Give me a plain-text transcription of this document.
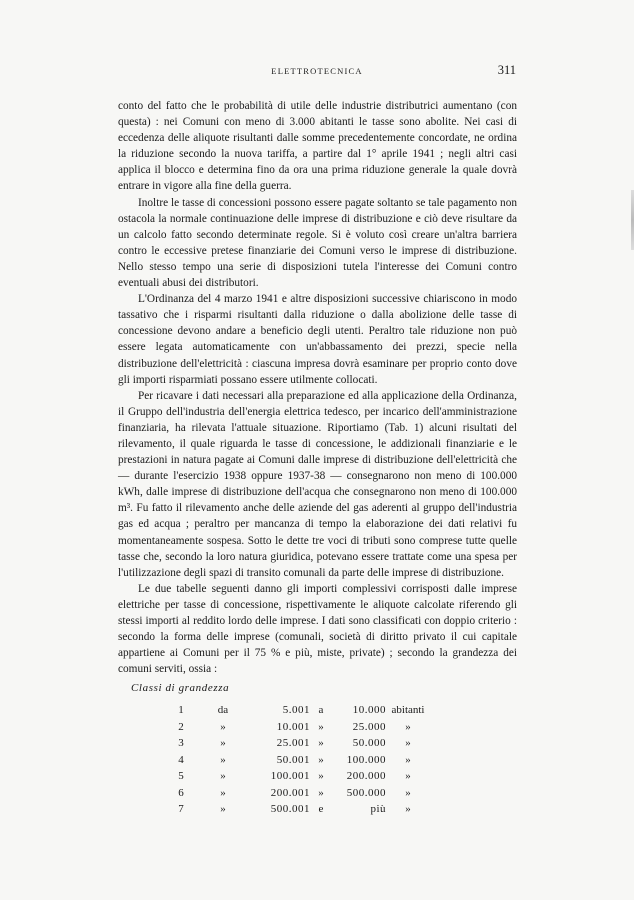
ELETTROTECNICA	311

conto del fatto che le probabilità di utile delle industrie distributrici aumentano (con questa) : nei Comuni con meno di 3.000 abitanti le tasse sono abolite. Nei casi di eccedenza delle aliquote risultanti dalle somme precedentemente concordate, ne ordina la riduzione secondo la nuova tariffa, a partire dal 1° aprile 1941 ; negli altri casi applica il blocco e determina fino da ora una prima riduzione generale la quale dovrà entrare in vigore alla fine della guerra.

Inoltre le tasse di concessioni possono essere pagate soltanto se tale pagamento non ostacola la normale continuazione delle imprese di distribuzione e ciò deve risultare da un calcolo fatto secondo determinate regole. Si è voluto così creare un'altra barriera contro le eccessive pretese finanziarie dei Comuni verso le imprese di distribuzione. Nello stesso tempo una serie di disposizioni tutela l'interesse dei Comuni contro eventuali abusi dei distributori.

L'Ordinanza del 4 marzo 1941 e altre disposizioni successive chiariscono in modo tassativo che i risparmi risultanti dalla riduzione o dalla abolizione delle tasse di concessione devono andare a beneficio degli utenti. Peraltro tale riduzione non può essere legata automaticamente con un'abbassamento dei prezzi, specie nella distribuzione dell'elettricità : ciascuna impresa dovrà esaminare per proprio conto dove gli importi risparmiati possano essere utilmente collocati.

Per ricavare i dati necessari alla preparazione ed alla applicazione della Ordinanza, il Gruppo dell'industria dell'energia elettrica tedesco, per incarico dell'amministrazione finanziaria, ha rilevata l'attuale situazione. Riportiamo (Tab. 1) alcuni risultati del rilevamento, il quale riguarda le tasse di concessione, le addizionali finanziarie e le prestazioni in natura pagate ai Comuni dalle imprese di distribuzione dell'elettricità che — durante l'esercizio 1938 oppure 1937-38 — consegnarono non meno di 100.000 kWh, dalle imprese di distribuzione dell'acqua che consegnarono non meno di 100.000 m³. Fu fatto il rilevamento anche delle aziende del gas aderenti al gruppo dell'industria gas ed acqua ; peraltro per mancanza di tempo la elaborazione dei dati relativi fu momentaneamente sospesa. Sotto le dette tre voci di tributi sono comprese tutte quelle tasse che, secondo la loro natura giuridica, potevano essere trattate come una spesa per l'utilizzazione degli spazi di transito comunali da parte delle imprese di distribuzione.

Le due tabelle seguenti danno gli importi complessivi corrisposti dalle imprese elettriche per tasse di concessione, rispettivamente le aliquote calcolate riferendo gli stessi importi al reddito lordo delle imprese. I dati sono classificati con doppio criterio : secondo la forma delle imprese (comunali, società di diritto privato il cui capitale appartiene ai Comuni per il 75 % e più, miste, private) ; secondo la grandezza dei comuni serviti, ossia :

Classi di grandezza
1	da	5.001	a	10.000	abitanti
2	»	10.001	»	25.000	»
3	»	25.001	»	50.000	»
4	»	50.001	»	100.000	»
5	»	100.001	»	200.000	»
6	»	200.001	»	500.000	»
7	»	500.001	e	più	»
